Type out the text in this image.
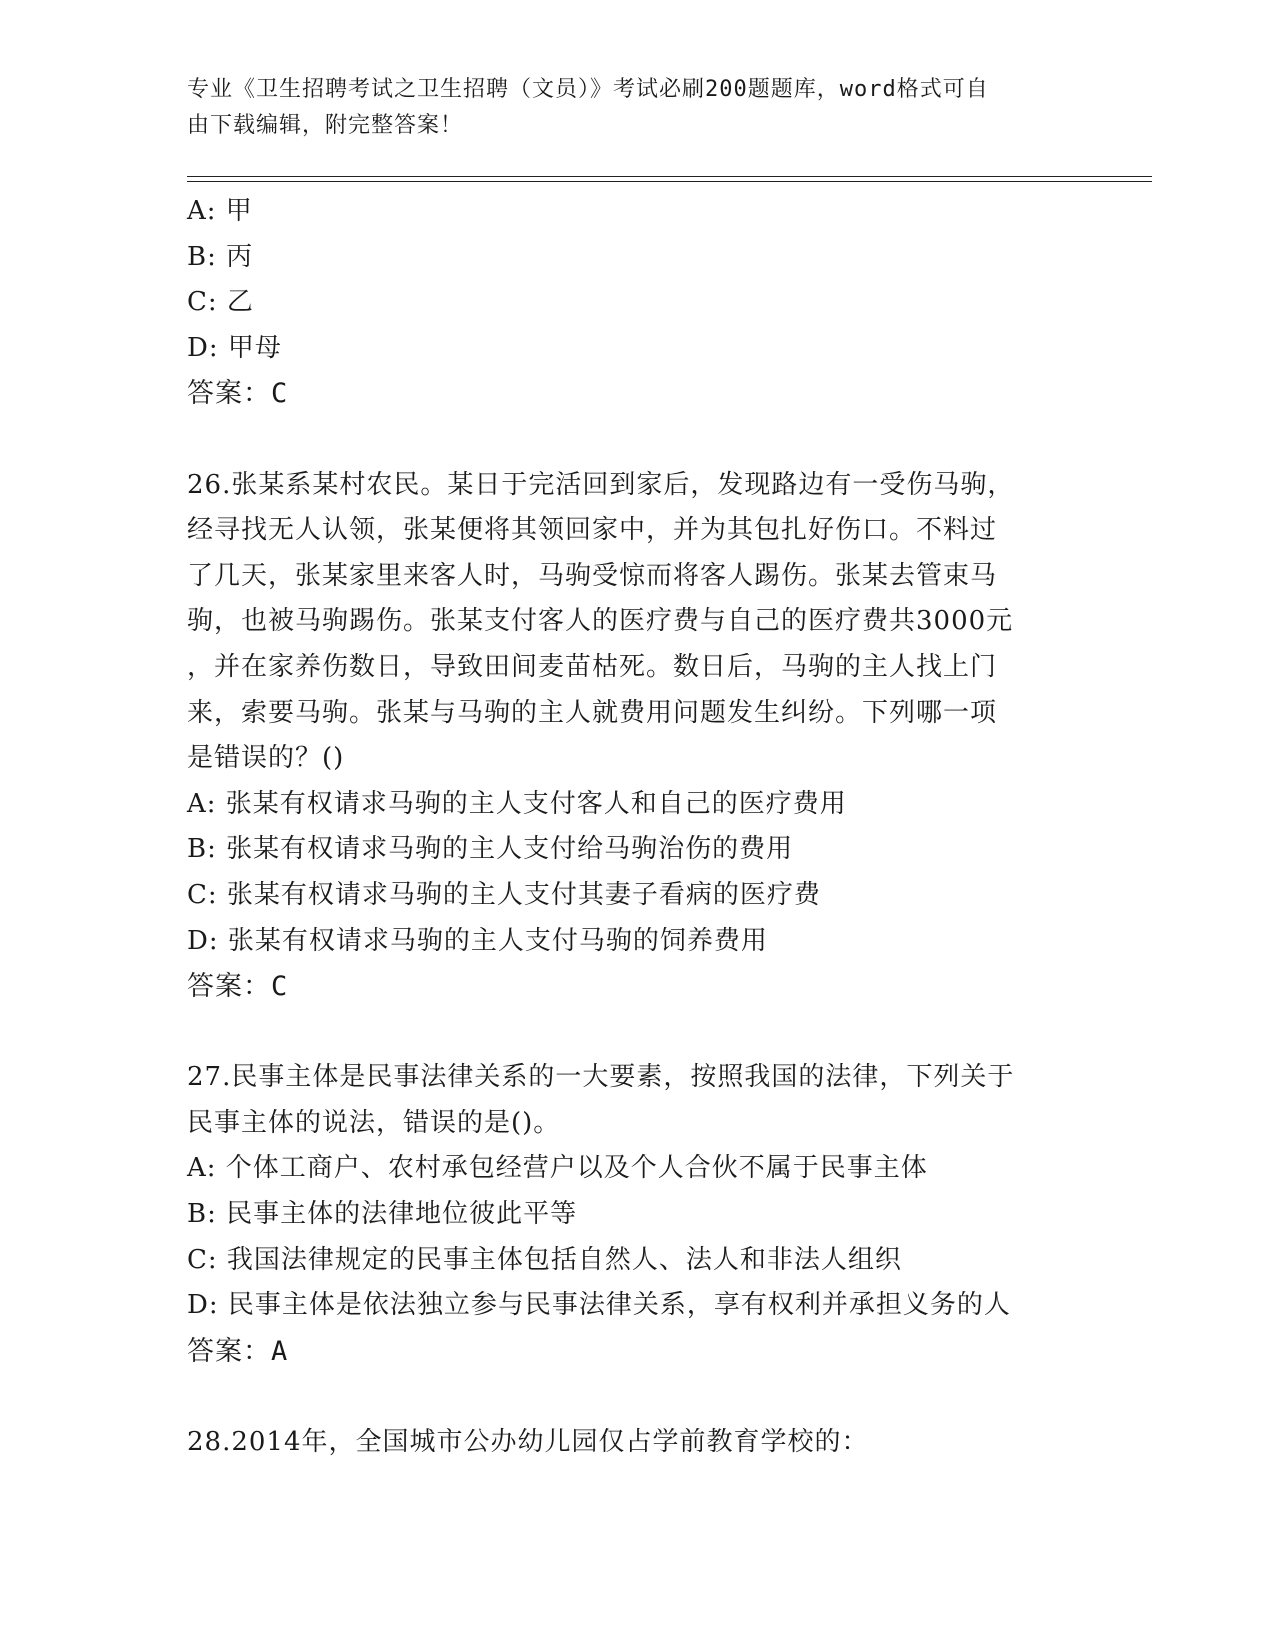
专业《卫生招聘考试之卫生招聘（文员）》考试必刷200题题库，word格式可自
由下载编辑，附完整答案！
A: 甲
B: 丙
C: 乙
D: 甲母
答案：C
26.张某系某村农民。某日于完活回到家后，发现路边有一受伤马驹，
经寻找无人认领，张某便将其领回家中，并为其包扎好伤口。不料过
了几天，张某家里来客人时，马驹受惊而将客人踢伤。张某去管束马
驹，也被马驹踢伤。张某支付客人的医疗费与自己的医疗费共3000元
，并在家养伤数日，导致田间麦苗枯死。数日后，马驹的主人找上门
来，索要马驹。张某与马驹的主人就费用问题发生纠纷。下列哪一项
是错误的？()
A: 张某有权请求马驹的主人支付客人和自己的医疗费用
B: 张某有权请求马驹的主人支付给马驹治伤的费用
C: 张某有权请求马驹的主人支付其妻子看病的医疗费
D: 张某有权请求马驹的主人支付马驹的饲养费用
答案：C
27.民事主体是民事法律关系的一大要素，按照我国的法律，下列关于
民事主体的说法，错误的是()。
A: 个体工商户、农村承包经营户以及个人合伙不属于民事主体
B: 民事主体的法律地位彼此平等
C: 我国法律规定的民事主体包括自然人、法人和非法人组织
D: 民事主体是依法独立参与民事法律关系，享有权利并承担义务的人
答案：A
28.2014年，全国城市公办幼儿园仅占学前教育学校的：
